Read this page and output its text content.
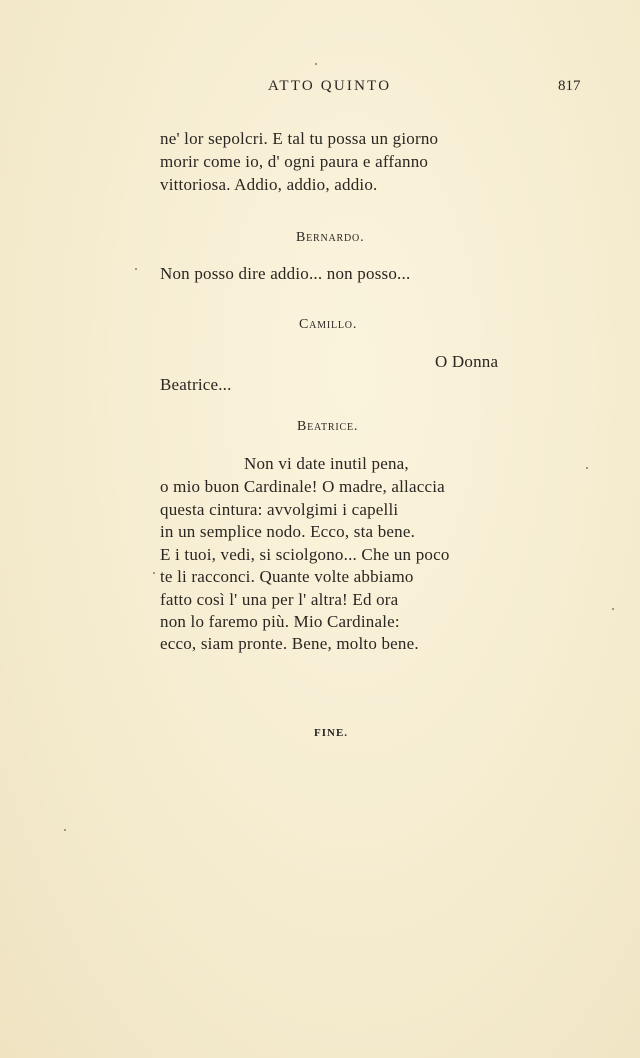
ATTO QUINTO	817
ne' lor sepolcri. E tal tu possa un giorno
morir come io, d' ogni paura e affanno
vittoriosa. Addio, addio, addio.
Bernardo.
Non posso dire addio... non posso...
Camillo.
O Donna
Beatrice...
Beatrice.
Non vi date inutil pena,
o mio buon Cardinale! O madre, allaccia
questa cintura: avvolgimi i capelli
in un semplice nodo. Ecco, sta bene.
E i tuoi, vedi, si sciolgono... Che un poco
te li racconci. Quante volte abbiamo
fatto così l' una per l' altra! Ed ora
non lo faremo più. Mio Cardinale:
ecco, siam pronte. Bene, molto bene.
FINE.
